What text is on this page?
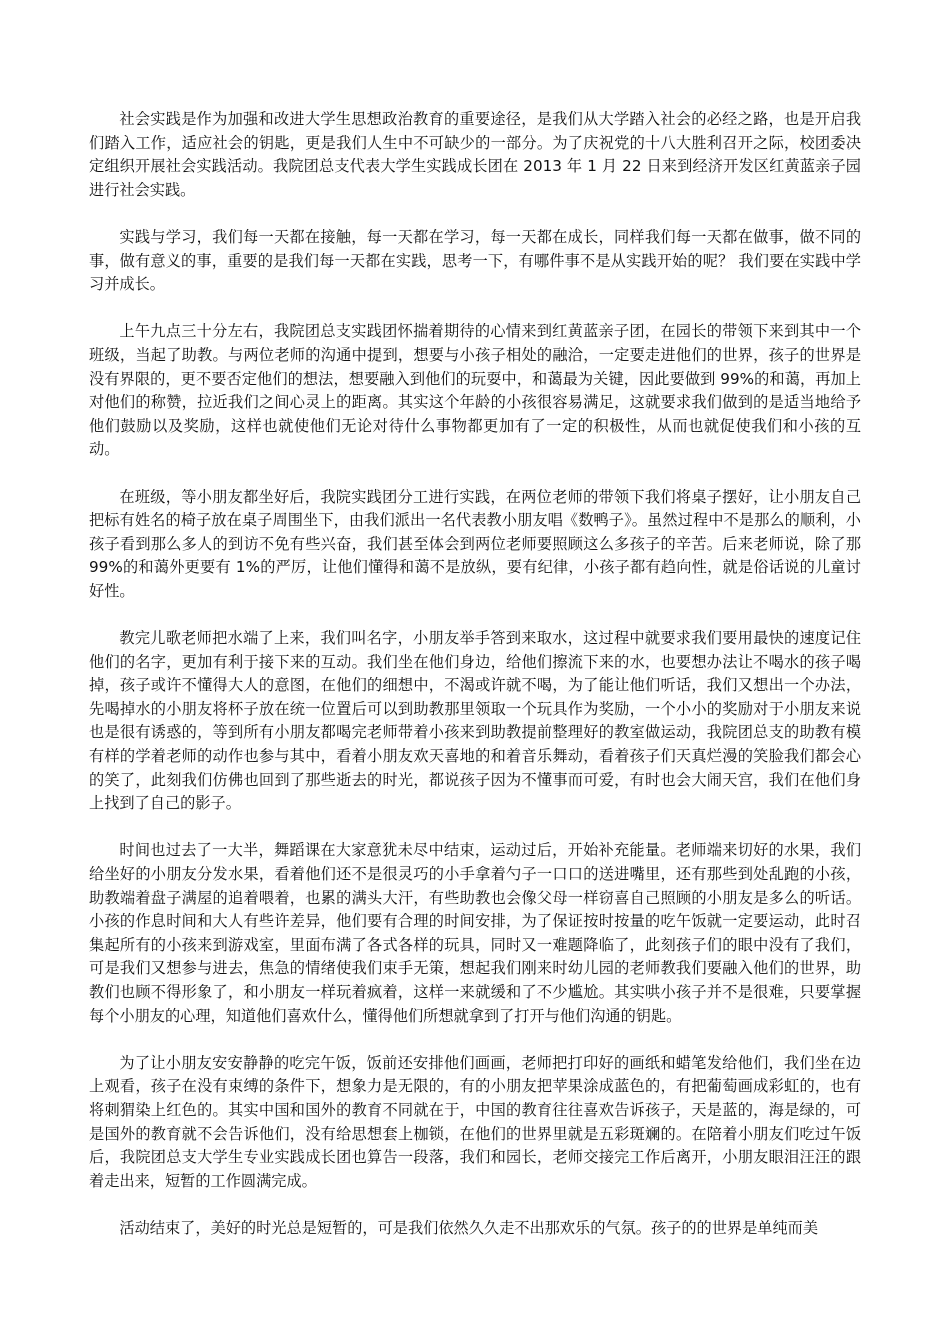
社会实践是作为加强和改进大学生思想政治教育的重要途径，是我们从大学踏入社会的必经之路，也是开启我们踏入工作，适应社会的钥匙，更是我们人生中不可缺少的一部分。为了庆祝党的十八大胜利召开之际，校团委决定组织开展社会实践活动。我院团总支代表大学生实践成长团在 2013 年 1 月 22 日来到经济开发区红黄蓝亲子园进行社会实践。

实践与学习，我们每一天都在接触，每一天都在学习，每一天都在成长，同样我们每一天都在做事，做不同的事，做有意义的事，重要的是我们每一天都在实践，思考一下，有哪件事不是从实践开始的呢？ 我们要在实践中学习并成长。

上午九点三十分左右，我院团总支实践团怀揣着期待的心情来到红黄蓝亲子团，在园长的带领下来到其中一个班级，当起了助教。与两位老师的沟通中提到，想要与小孩子相处的融洽，一定要走进他们的世界，孩子的世界是没有界限的，更不要否定他们的想法，想要融入到他们的玩耍中，和蔼最为关键，因此要做到 99%的和蔼，再加上对他们的称赞，拉近我们之间心灵上的距离。其实这个年龄的小孩很容易满足，这就要求我们做到的是适当地给予他们鼓励以及奖励，这样也就使他们无论对待什么事物都更加有了一定的积极性，从而也就促使我们和小孩的互动。

在班级，等小朋友都坐好后，我院实践团分工进行实践，在两位老师的带领下我们将桌子摆好，让小朋友自己把标有姓名的椅子放在桌子周围坐下，由我们派出一名代表教小朋友唱《数鸭子》。虽然过程中不是那么的顺利，小孩子看到那么多人的到访不免有些兴奋，我们甚至体会到两位老师要照顾这么多孩子的辛苦。后来老师说，除了那 99%的和蔼外更要有 1%的严厉，让他们懂得和蔼不是放纵，要有纪律，小孩子都有趋向性，就是俗话说的儿童讨好性。

教完儿歌老师把水端了上来，我们叫名字，小朋友举手答到来取水，这过程中就要求我们要用最快的速度记住他们的名字，更加有利于接下来的互动。我们坐在他们身边，给他们擦流下来的水，也要想办法让不喝水的孩子喝掉，孩子或许不懂得大人的意图，在他们的细想中，不渴或许就不喝，为了能让他们听话，我们又想出一个办法，先喝掉水的小朋友将杯子放在统一位置后可以到助教那里领取一个玩具作为奖励，一个小小的奖励对于小朋友来说也是很有诱惑的，等到所有小朋友都喝完老师带着小孩来到助教提前整理好的教室做运动，我院团总支的助教有模有样的学着老师的动作也参与其中，看着小朋友欢天喜地的和着音乐舞动，看着孩子们天真烂漫的笑脸我们都会心的笑了，此刻我们仿佛也回到了那些逝去的时光，都说孩子因为不懂事而可爱，有时也会大闹天宫，我们在他们身上找到了自己的影子。

时间也过去了一大半，舞蹈课在大家意犹未尽中结束，运动过后，开始补充能量。老师端来切好的水果，我们给坐好的小朋友分发水果，看着他们还不是很灵巧的小手拿着勺子一口口的送进嘴里，还有那些到处乱跑的小孩，助教端着盘子满屋的追着喂着，也累的满头大汗，有些助教也会像父母一样窃喜自己照顾的小朋友是多么的听话。小孩的作息时间和大人有些许差异，他们要有合理的时间安排，为了保证按时按量的吃午饭就一定要运动，此时召集起所有的小孩来到游戏室，里面布满了各式各样的玩具，同时又一难题降临了，此刻孩子们的眼中没有了我们，可是我们又想参与进去，焦急的情绪使我们束手无策，想起我们刚来时幼儿园的老师教我们要融入他们的世界，助教们也顾不得形象了，和小朋友一样玩着疯着，这样一来就缓和了不少尴尬。其实哄小孩子并不是很难，只要掌握每个小朋友的心理，知道他们喜欢什么，懂得他们所想就拿到了打开与他们沟通的钥匙。

为了让小朋友安安静静的吃完午饭，饭前还安排他们画画，老师把打印好的画纸和蜡笔发给他们，我们坐在边上观看，孩子在没有束缚的条件下，想象力是无限的，有的小朋友把苹果涂成蓝色的，有把葡萄画成彩虹的，也有将刺猬染上红色的。其实中国和国外的教育不同就在于，中国的教育往往喜欢告诉孩子，天是蓝的，海是绿的，可是国外的教育就不会告诉他们，没有给思想套上枷锁，在他们的世界里就是五彩斑斓的。在陪着小朋友们吃过午饭后，我院团总支大学生专业实践成长团也算告一段落，我们和园长，老师交接完工作后离开，小朋友眼泪汪汪的跟着走出来，短暂的工作圆满完成。

活动结束了，美好的时光总是短暂的，可是我们依然久久走不出那欢乐的气氛。孩子的的世界是单纯而美
